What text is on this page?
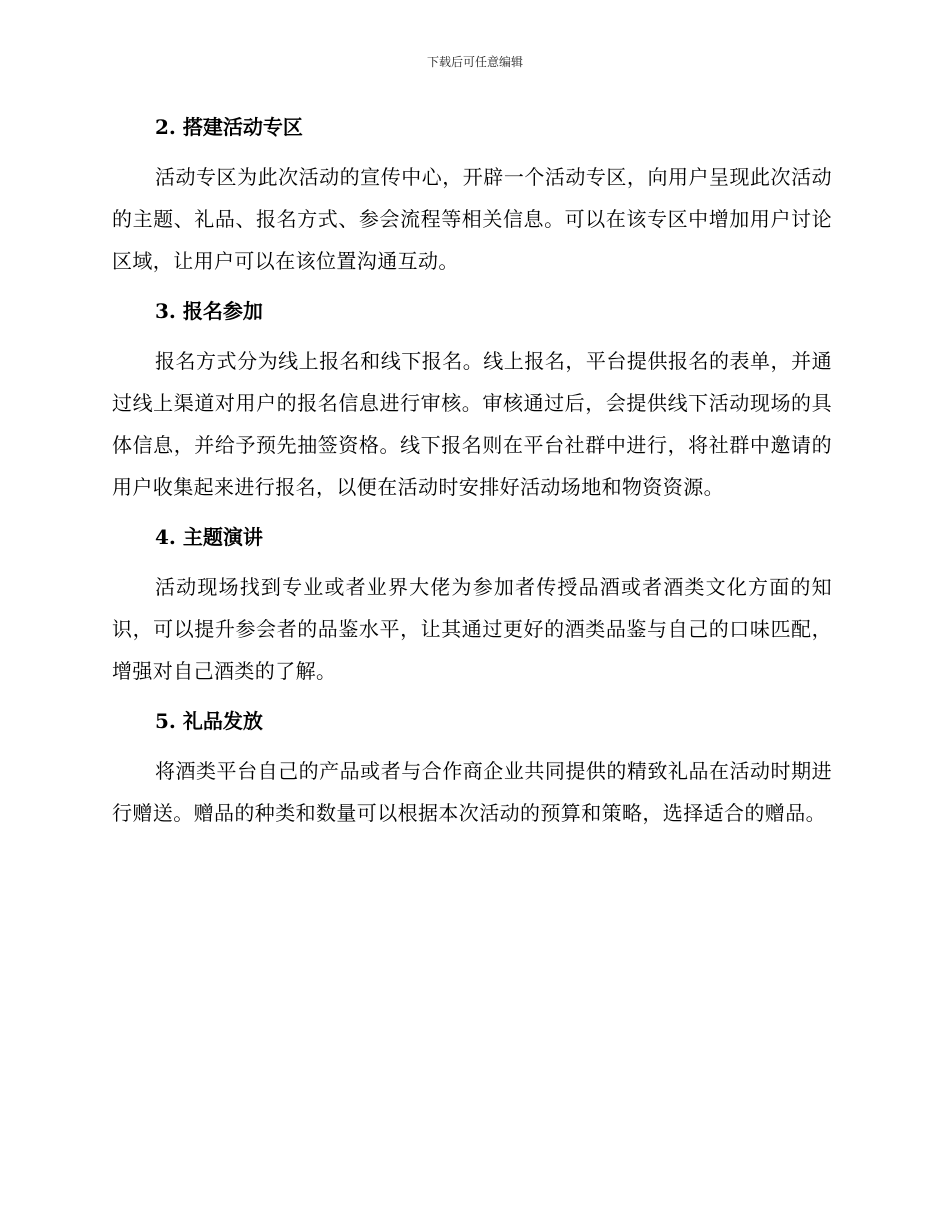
下载后可任意编辑
2. 搭建活动专区
活动专区为此次活动的宣传中心，开辟一个活动专区，向用户呈现此次活动的主题、礼品、报名方式、参会流程等相关信息。可以在该专区中增加用户讨论区域，让用户可以在该位置沟通互动。
3. 报名参加
报名方式分为线上报名和线下报名。线上报名，平台提供报名的表单，并通过线上渠道对用户的报名信息进行审核。审核通过后，会提供线下活动现场的具体信息，并给予预先抽签资格。线下报名则在平台社群中进行，将社群中邀请的用户收集起来进行报名，以便在活动时安排好活动场地和物资资源。
4. 主题演讲
活动现场找到专业或者业界大佬为参加者传授品酒或者酒类文化方面的知识，可以提升参会者的品鉴水平，让其通过更好的酒类品鉴与自己的口味匹配，增强对自己酒类的了解。
5. 礼品发放
将酒类平台自己的产品或者与合作商企业共同提供的精致礼品在活动时期进行赠送。赠品的种类和数量可以根据本次活动的预算和策略，选择适合的赠品。
